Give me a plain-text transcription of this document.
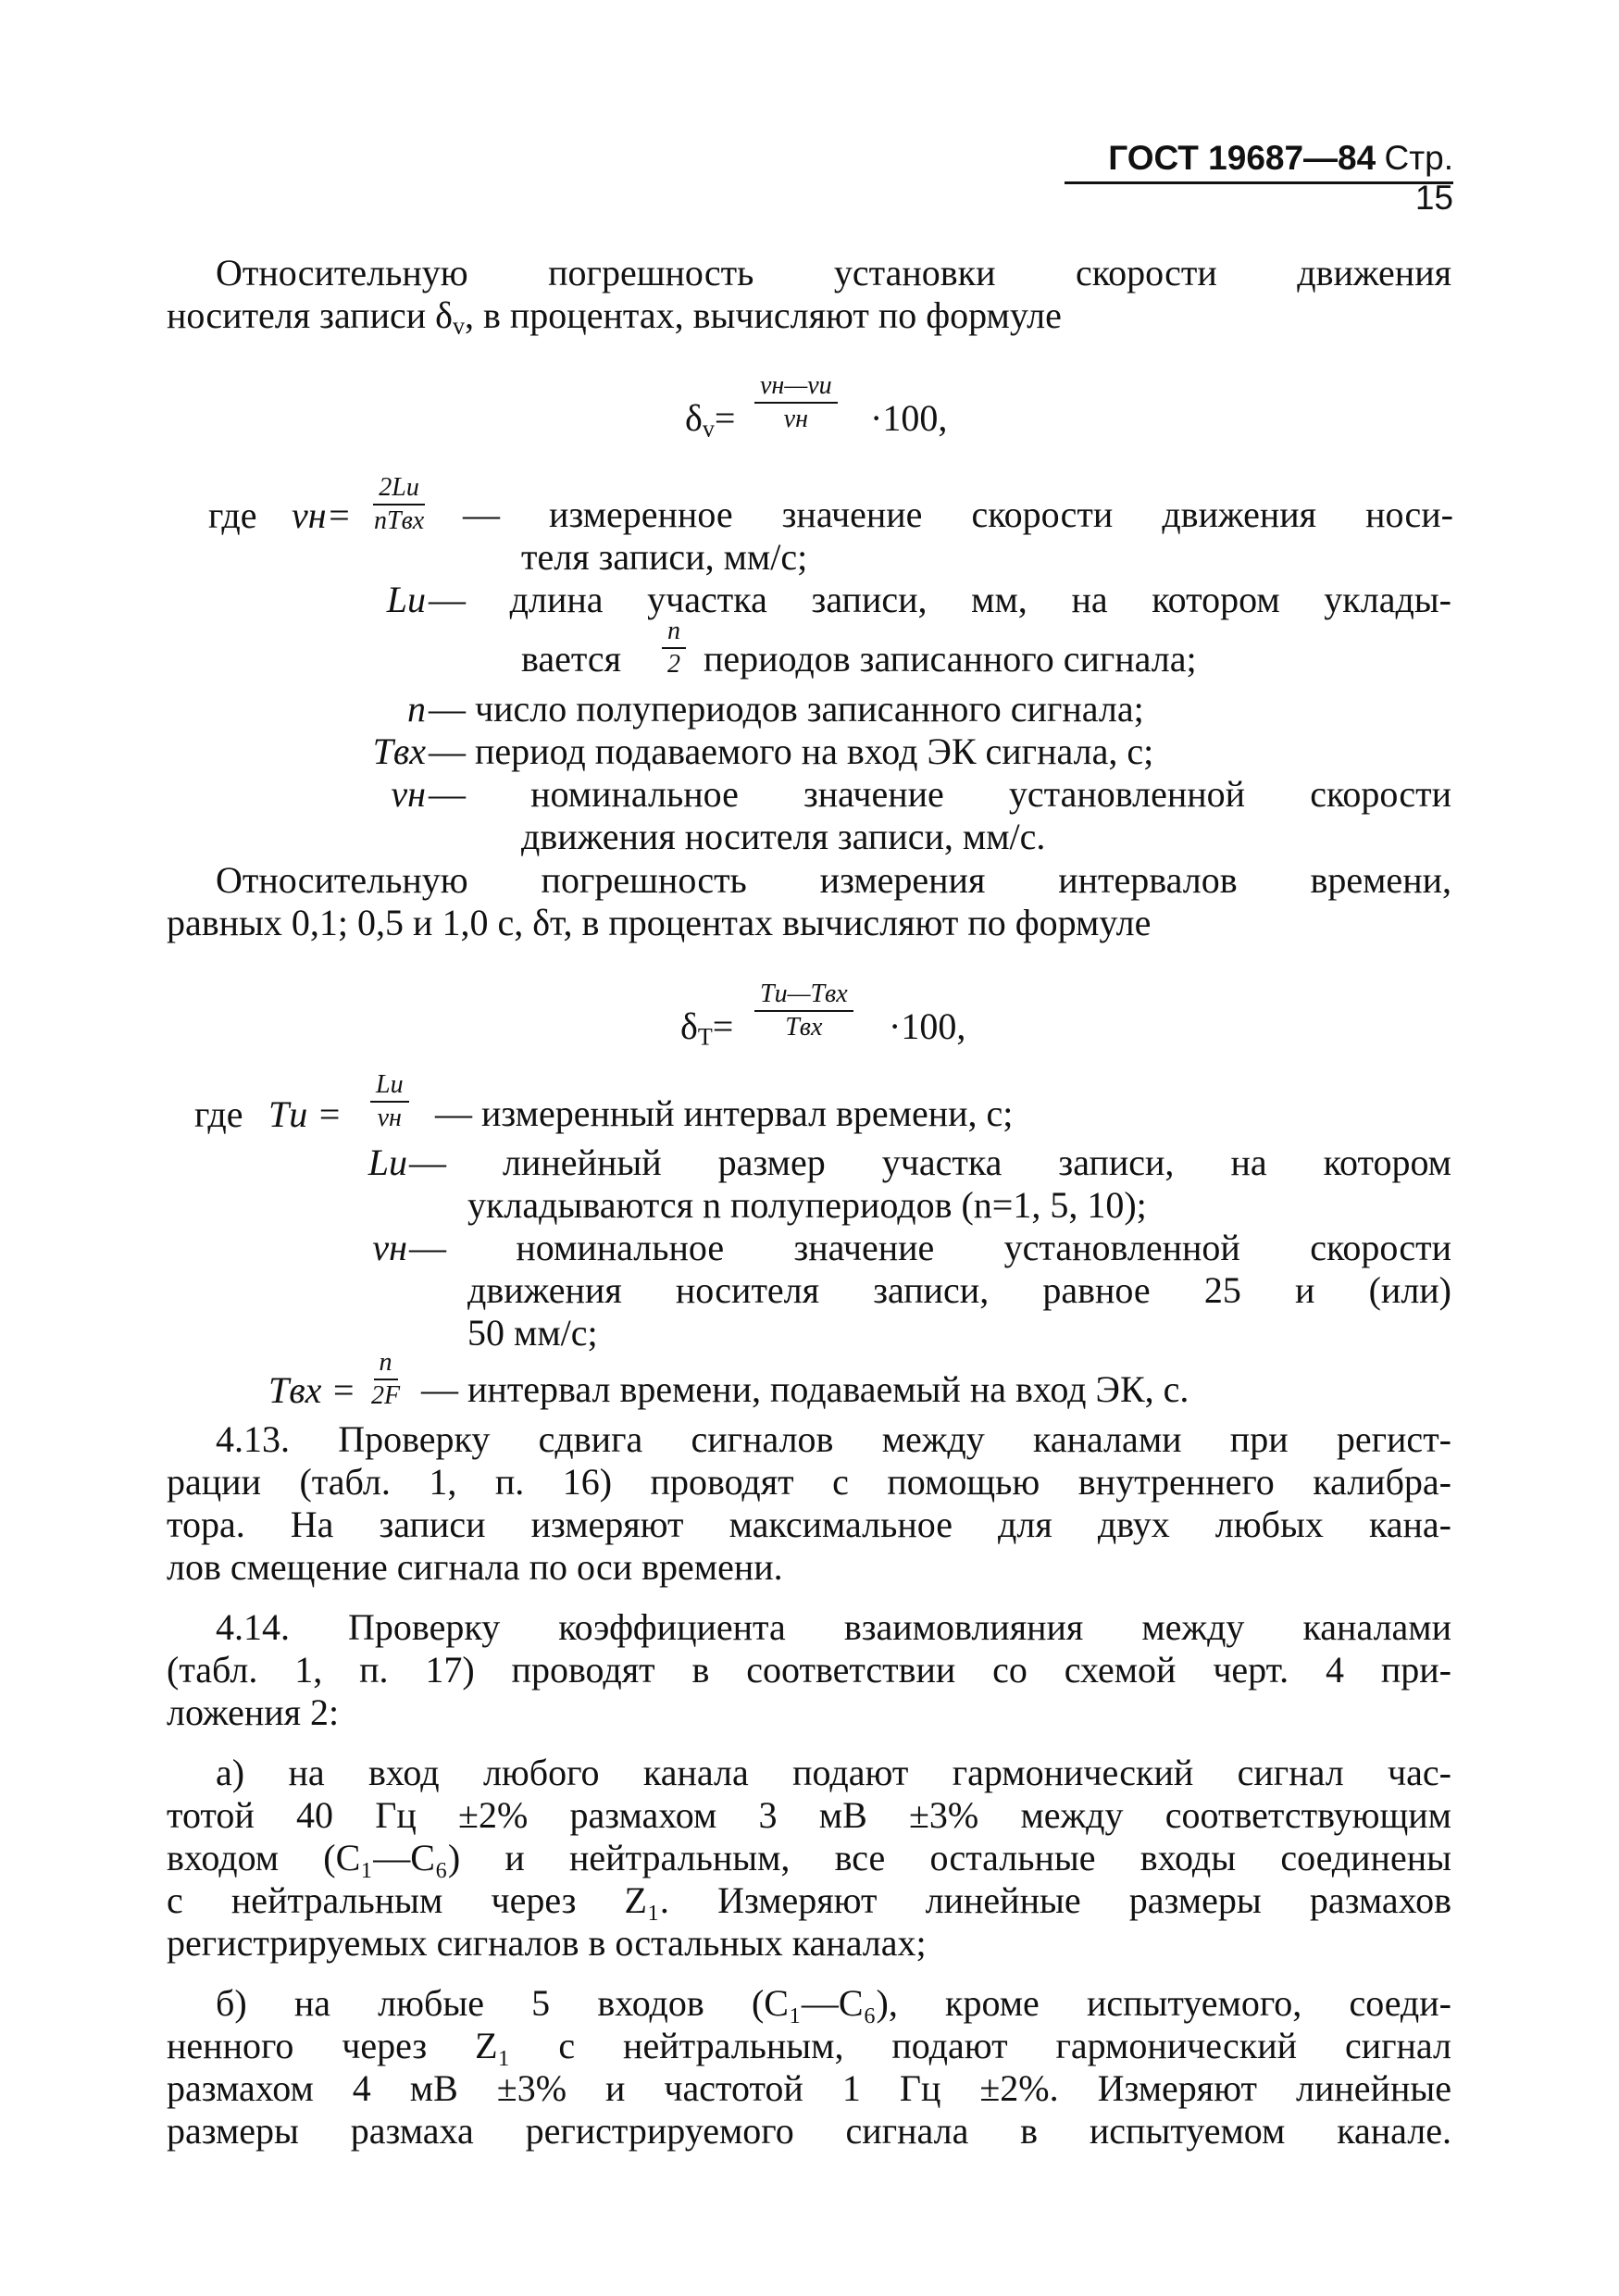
ГОСТ 19687—84 Стр. 15
Относительную погрешность установки скорости движения
носителя записи $\delta_v$, в процентах, вычисляют по формуле
$\delta_v=$
vн—vu
vн ·100,
где vн=
2Lu
nTвх — измеренное значение скорости движения носи-
теля записи, мм/с;
Lu — длина участка записи, мм, на котором уклады-
вается $\frac{n}{2}$ периодов записанного сигнала;
n — число полупериодов записанного сигнала;
Tвх — период подаваемого на вход ЭК сигнала, с;
vн — номинальное значение установленной скорости
движения носителя записи, мм/с.
Относительную погрешность измерения интервалов времени,
равных 0,1; 0,5 и 1,0 с, δт, в процентах вычисляют по формуле
$\delta_T=$
Tи—Tвх
Tвх ·100,
где Tи =
Lu
vн — измеренный интервал времени, с;
Lu — линейный размер участка записи, на котором
укладываются n полупериодов (n=1, 5, 10);
vн — номинальное значение установленной скорости
движения носителя записи, равное 25 и (или)
50 мм/с;
Tвх = $\frac{n}{2F}$ — интервал времени, подаваемый на вход ЭК, с.
4.13. Проверку сдвига сигналов между каналами при регист-
рации (табл. 1, п. 16) проводят с помощью внутреннего калибра-
тора. На записи измеряют максимальное для двух любых кана-
лов смещение сигнала по оси времени.
4.14. Проверку коэффициента взаимовлияния между каналами
(табл. 1, п. 17) проводят в соответствии со схемой черт. 4 при-
ложения 2:
а) на вход любого канала подают гармонический сигнал час-
тотой 40 Гц ±2% размахом 3 мВ ±3% между соответствующим
входом (C₁—C₆) и нейтральным, все остальные входы соединены
с нейтральным через Z₁. Измеряют линейные размеры размахов
регистрируемых сигналов в остальных каналах;
б) на любые 5 входов (C₁—C₆), кроме испытуемого, соеди-
ненного через Z₁ с нейтральным, подают гармонический сигнал
размахом 4 мВ ±3% и частотой 1 Гц ±2%. Измеряют линейные
размеры размаха регистрируемого сигнала в испытуемом канале.
